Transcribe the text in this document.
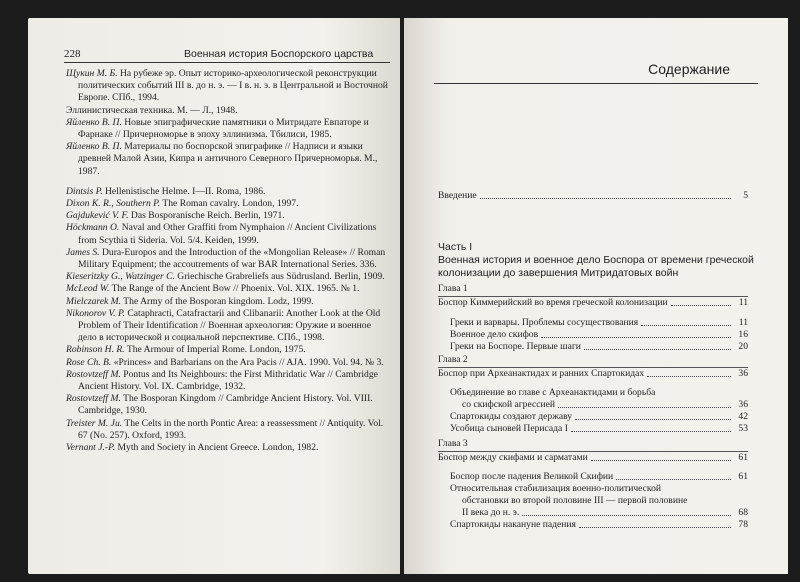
228	Военная история Боспорского царства

Щукин М. Б. На рубеже эр. Опыт историко-археологической реконструкции политических событий III в. до н. э. — I в. н. э. в Центральной и Восточной Европе. СПб., 1994.

Эллинистическая техника. М. — Л., 1948.

Яйленко В. П. Новые эпиграфические памятники о Митридате Евпаторе и Фарнаке // Причерноморье в эпоху эллинизма. Тбилиси, 1985.

Яйленко В. П. Материалы по боспорской эпиграфике // Надписи и языки древней Малой Азии, Кипра и античного Северного Причерноморья. М., 1987.

Dintsis P. Hellenistische Helme. I—II. Roma, 1986.

Dixon K. R., Southern P. The Roman cavalry. London, 1997.

Gajdukević V. F. Das Bosporanische Reich. Berlin, 1971.

Höckmann O. Naval and Other Graffiti from Nymphaion // Ancient Civilizations from Scythia ti Sideria. Vol. 5/4. Keiden, 1999.

James S. Dura-Europos and the Introduction of the «Mongolian Release» // Roman Military Equipment; the accoutrements of war BAR International Series. 336.

Kieseritzky G., Watzinger C. Griechische Grabreliefs aus Südrusland. Berlin, 1909.

McLeod W. The Range of the Ancient Bow // Phoenix. Vol. XIX. 1965. № 1.

Mielczarek M. The Army of the Bosporan kingdom. Lodz, 1999.

Nikonorov V. P. Cataphracti, Catafractarii and Clibanarii: Another Look at the Old Problem of Their Identification // Военная археология: Оружие и военное дело в исторической и социальной перспективе. СПб., 1998.

Robinson H. R. The Armour of Imperial Rome. London, 1975.

Rose Ch. B. «Princes» and Barbarians on the Ara Pacis // AJA. 1990. Vol. 94. № 3.

Rostovtzeff M. Pontus and Its Neighbours: the First Mithridatic War // Cambridge Ancient History. Vol. IX. Cambridge, 1932.

Rostovtzeff M. The Bosporan Kingdom // Cambridge Ancient History. Vol. VIII. Cambridge, 1930.

Treister M. Ju. The Celts in the north Pontic Area: a reassessment // Antiquity. Vol. 67 (No. 257). Oxford, 1993.

Vernant J.-P. Myth and Society in Ancient Greece. London, 1982.

Содержание
Введение	5
Часть I
Военная история и военное дело Боспора от времени греческой колонизации до завершения Митридатовых войн
Глава 1
Боспор Киммерийский во время греческой колонизации	11
Греки и варвары. Проблемы сосуществования	11
Военное дело скифов	16
Греки на Боспоре. Первые шаги	20
Глава 2
Боспор при Археанактидах и ранних Спартокидах	36
Объединение во главе с Археанактидами и борьба
со скифской агрессией	36
Спартокиды создают державу	42
Усобица сыновей Перисада I	53
Глава 3
Боспор между скифами и сарматами	61
Боспор после падения Великой Скифии	61
Относительная стабилизация военно-политической
обстановки во второй половине III — первой половине
II века до н. э.	68
Спартокиды накануне падения	78
